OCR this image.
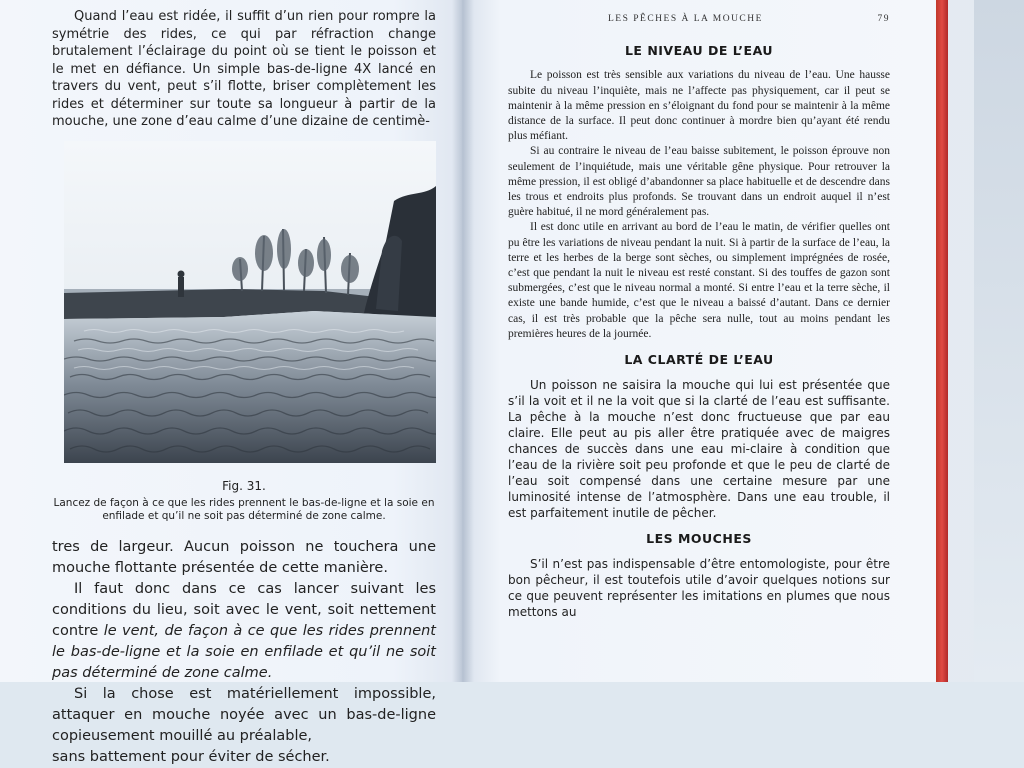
Quand l’eau est ridée, il suffit d’un rien pour rompre la symétrie des rides, ce qui par réfraction change brutalement l’éclairage du point où se tient le poisson et le met en défiance. Un simple bas-de-ligne 4X lancé en travers du vent, peut s’il flotte, briser complètement les rides et déterminer sur toute sa longueur à partir de la mouche, une zone d’eau calme d’une dizaine de centimè-

Fig. 31.
Lancez de façon à ce que les rides prennent le bas-de-ligne et la soie en enfilade et qu’il ne soit pas déterminé de zone calme.

tres de largeur. Aucun poisson ne touchera une mouche flottante présentée de cette manière.

Il faut donc dans ce cas lancer suivant les conditions du lieu, soit avec le vent, soit nettement contre le vent, de façon à ce que les rides prennent le bas-de-ligne et la soie en enfilade et qu’il ne soit pas déterminé de zone calme.

Si la chose est matériellement impossible, attaquer en mouche noyée avec un bas-de-ligne copieusement mouillé au préalable,

sans battement pour éviter de sécher.

LES PÊCHES À LA MOUCHE	79
LE NIVEAU DE L’EAU

Le poisson est très sensible aux variations du niveau de l’eau. Une hausse subite du niveau l’inquiète, mais ne l’affecte pas physiquement, car il peut se maintenir à la même pression en s’éloignant du fond pour se maintenir à la même distance de la surface. Il peut donc continuer à mordre bien qu’ayant été rendu plus méfiant.

Si au contraire le niveau de l’eau baisse subitement, le poisson éprouve non seulement de l’inquiétude, mais une véritable gêne physique. Pour retrouver la même pression, il est obligé d’abandonner sa place habituelle et de descendre dans les trous et endroits plus profonds. Se trouvant dans un endroit auquel il n’est guère habitué, il ne mord généralement pas.

Il est donc utile en arrivant au bord de l’eau le matin, de vérifier quelles ont pu être les variations de niveau pendant la nuit. Si à partir de la surface de l’eau, la terre et les herbes de la berge sont sèches, ou simplement imprégnées de rosée, c’est que pendant la nuit le niveau est resté constant. Si des touffes de gazon sont submergées, c’est que le niveau normal a monté. Si entre l’eau et la terre sèche, il existe une bande humide, c’est que le niveau a baissé d’autant. Dans ce dernier cas, il est très probable que la pêche sera nulle, tout au moins pendant les premières heures de la journée.

LA CLARTÉ DE L’EAU

Un poisson ne saisira la mouche qui lui est présentée que s’il la voit et il ne la voit que si la clarté de l’eau est suffisante. La pêche à la mouche n’est donc fructueuse que par eau claire. Elle peut au pis aller être pratiquée avec de maigres chances de succès dans une eau mi-claire à condition que l’eau de la rivière soit peu profonde et que le peu de clarté de l’eau soit compensé dans une certaine mesure par une luminosité intense de l’atmosphère. Dans une eau trouble, il est parfaitement inutile de pêcher.

LES MOUCHES

S’il n’est pas indispensable d’être entomologiste, pour être bon pêcheur, il est toutefois utile d’avoir quelques notions sur ce que peuvent représenter les imitations en plumes que nous mettons au
